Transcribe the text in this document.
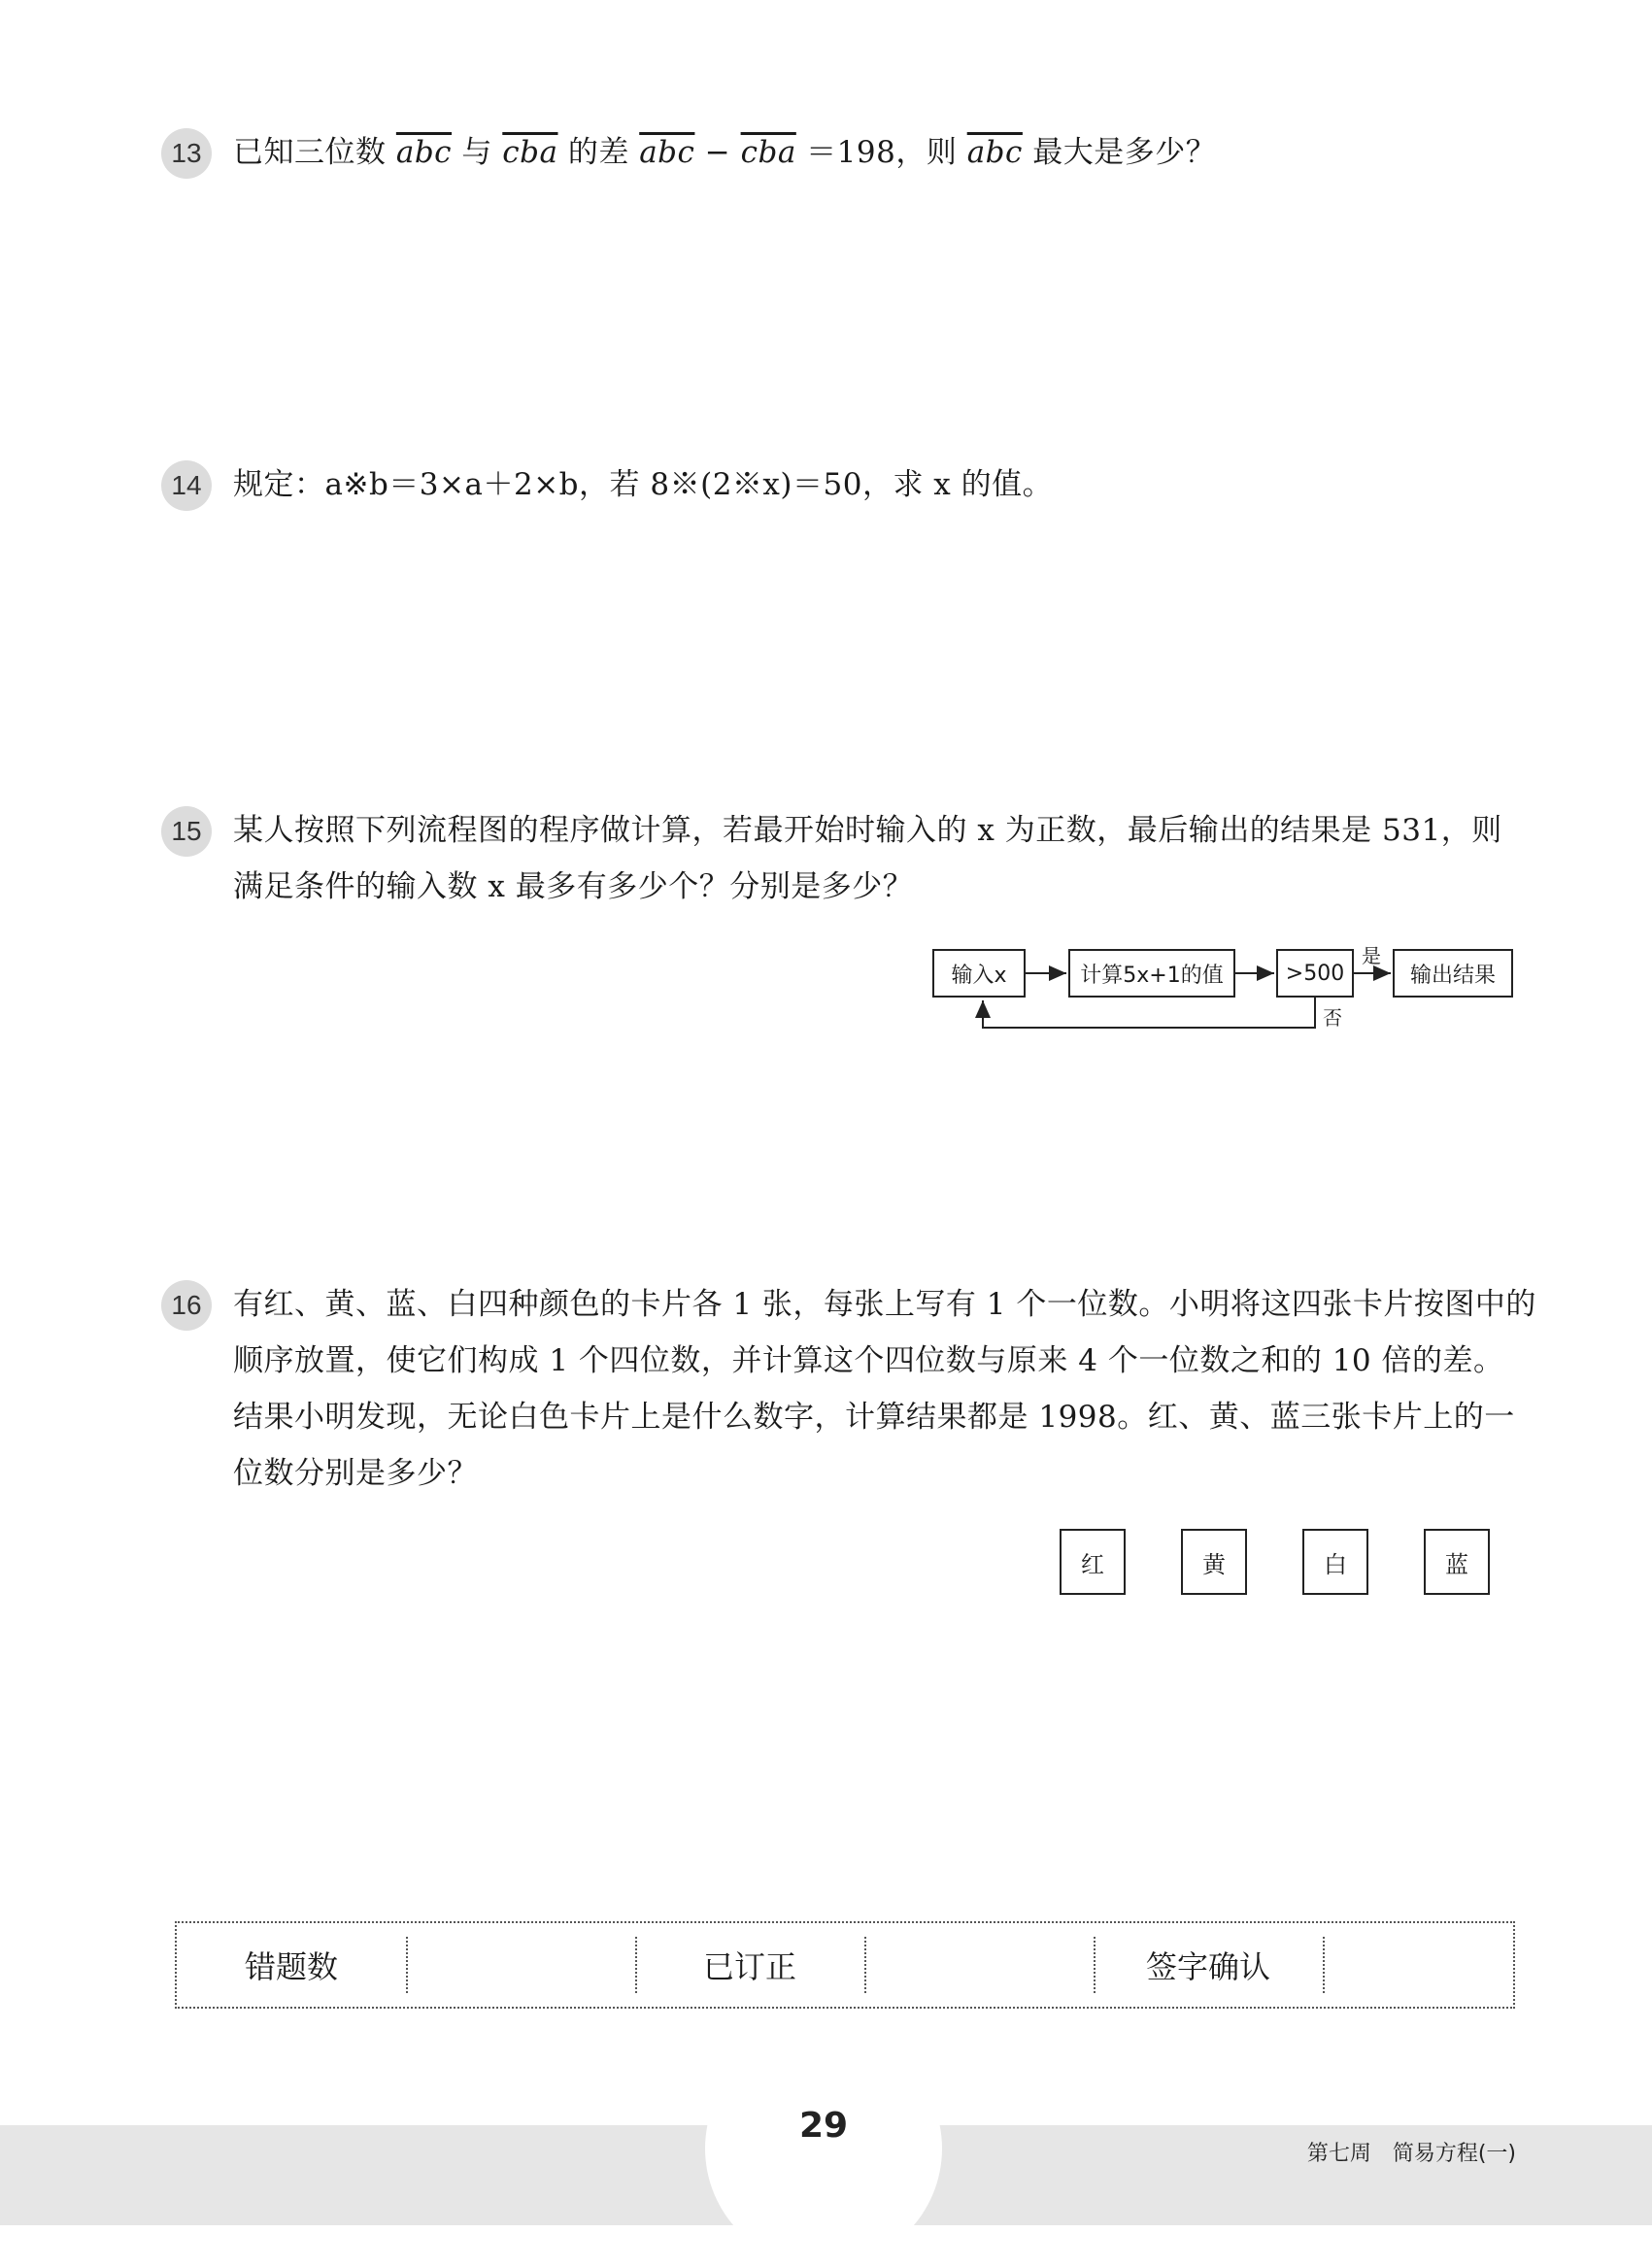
13	已知三位数 $\overline{abc}$ 与 $\overline{cba}$ 的差 $\overline{abc} - \overline{cba} =198$，则 $\overline{abc}$ 最大是多少？
14	规定：a※b＝3×a＋2×b，若 8※(2※x)＝50，求 x 的值。
15	某人按照下列流程图的程序做计算，若最开始时输入的 x 为正数，最后输出的结果是 531，则
满足条件的输入数 x 最多有多少个？分别是多少？
输入x	计算5x+1的值	>500	输出结果
是
否
16	有红、黄、蓝、白四种颜色的卡片各 1 张，每张上写有 1 个一位数。小明将这四张卡片按图中的
顺序放置，使它们构成 1 个四位数，并计算这个四位数与原来 4 个一位数之和的 10 倍的差。
结果小明发现，无论白色卡片上是什么数字，计算结果都是 1998。红、黄、蓝三张卡片上的一
位数分别是多少？
红	黄	白	蓝
错题数	已订正	签字确认
29
第七周　简易方程(一)
